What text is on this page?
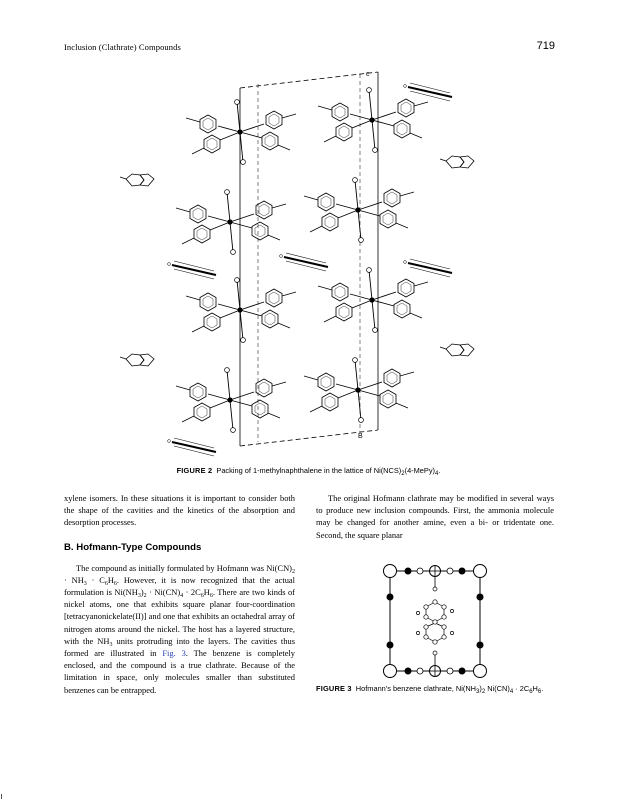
Inclusion (Clathrate) Compounds	719
c
B
FIGURE 2 Packing of 1-methylnaphthalene in the lattice of $Ni(NCS)_2(4-MePy)_4$.

xylene isomers. In these situations it is important to consider both the shape of the cavities and the kinetics of the absorption and desorption processes.

B. Hofmann-Type Compounds

The compound as initially formulated by Hofmann was $Ni(CN)_2 \cdot NH_3 \cdot C_6H_6$. However, it is now recognized that the actual formulation is $Ni(NH_3)_2 \cdot Ni(CN)_4 \cdot 2C_6H_6$. There are two kinds of nickel atoms, one that exhibits square planar four-coordination [tetracyanonickelate(II)] and one that exhibits an octahedral array of nitrogen atoms around the nickel. The host has a layered structure, with the $NH_3$ units protruding into the layers. The cavities thus formed are illustrated in Fig. 3. The benzene is completely enclosed, and the compound is a true clathrate. Because of the limitation in space, only molecules smaller than substituted benzenes can be entrapped.

The original Hofmann clathrate may be modified in several ways to produce new inclusion compounds. First, the ammonia molecule may be changed for another amine, even a bi- or tridentate one. Second, the square planar

FIGURE 3 Hofmann’s benzene clathrate, $Ni(NH_3)_2$ $Ni(CN)_4 \cdot 2C_6H_6$.
